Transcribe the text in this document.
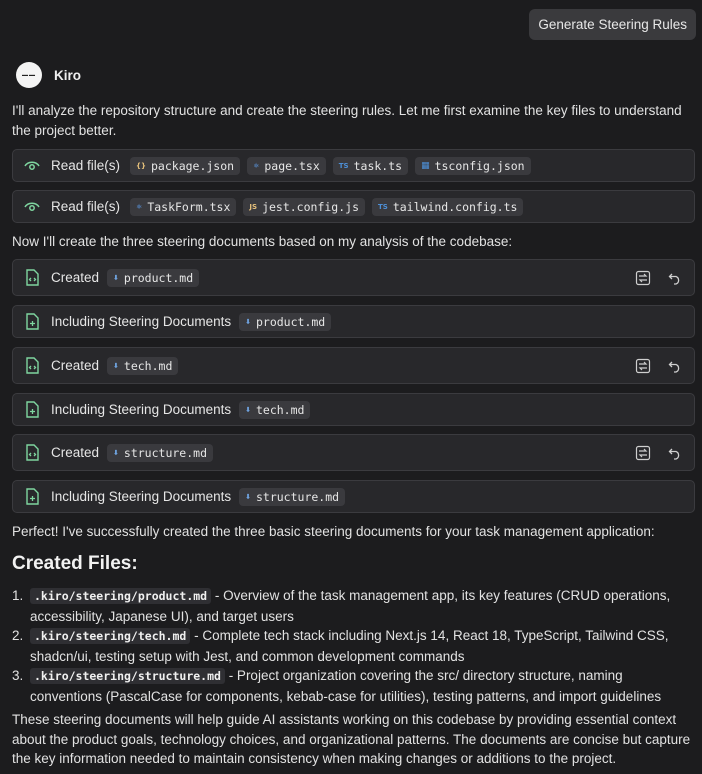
Generate Steering Rules
‒‒	Kiro
I'll analyze the repository structure and create the steering rules. Let me first examine the key files to understand the project better.
Read file(s) {} package.json	⚛ page.tsx	TS task.ts ▦ tsconfig.json
Read file(s) ⚛ TaskForm.tsx	JS jest.config.js	TS tailwind.config.ts
Now I'll create the three steering documents based on my analysis of the codebase:
Created ⬇ product.md
Including Steering Documents ⬇ product.md
Created ⬇ tech.md
Including Steering Documents ⬇ tech.md
Created ⬇ structure.md
Including Steering Documents ⬇ structure.md
Perfect! I've successfully created the three basic steering documents for your task management application:
Created Files:
1. .kiro/steering/product.md - Overview of the task management app, its key features (CRUD operations, accessibility, Japanese UI), and target users
2. .kiro/steering/tech.md - Complete tech stack including Next.js 14, React 18, TypeScript, Tailwind CSS, shadcn/ui, testing setup with Jest, and common development commands
3. .kiro/steering/structure.md - Project organization covering the src/ directory structure, naming conventions (PascalCase for components, kebab-case for utilities), testing patterns, and import guidelines
These steering documents will help guide AI assistants working on this codebase by providing essential context about the product goals, technology choices, and organizational patterns. The documents are concise but capture the key information needed to maintain consistency when making changes or additions to the project.
